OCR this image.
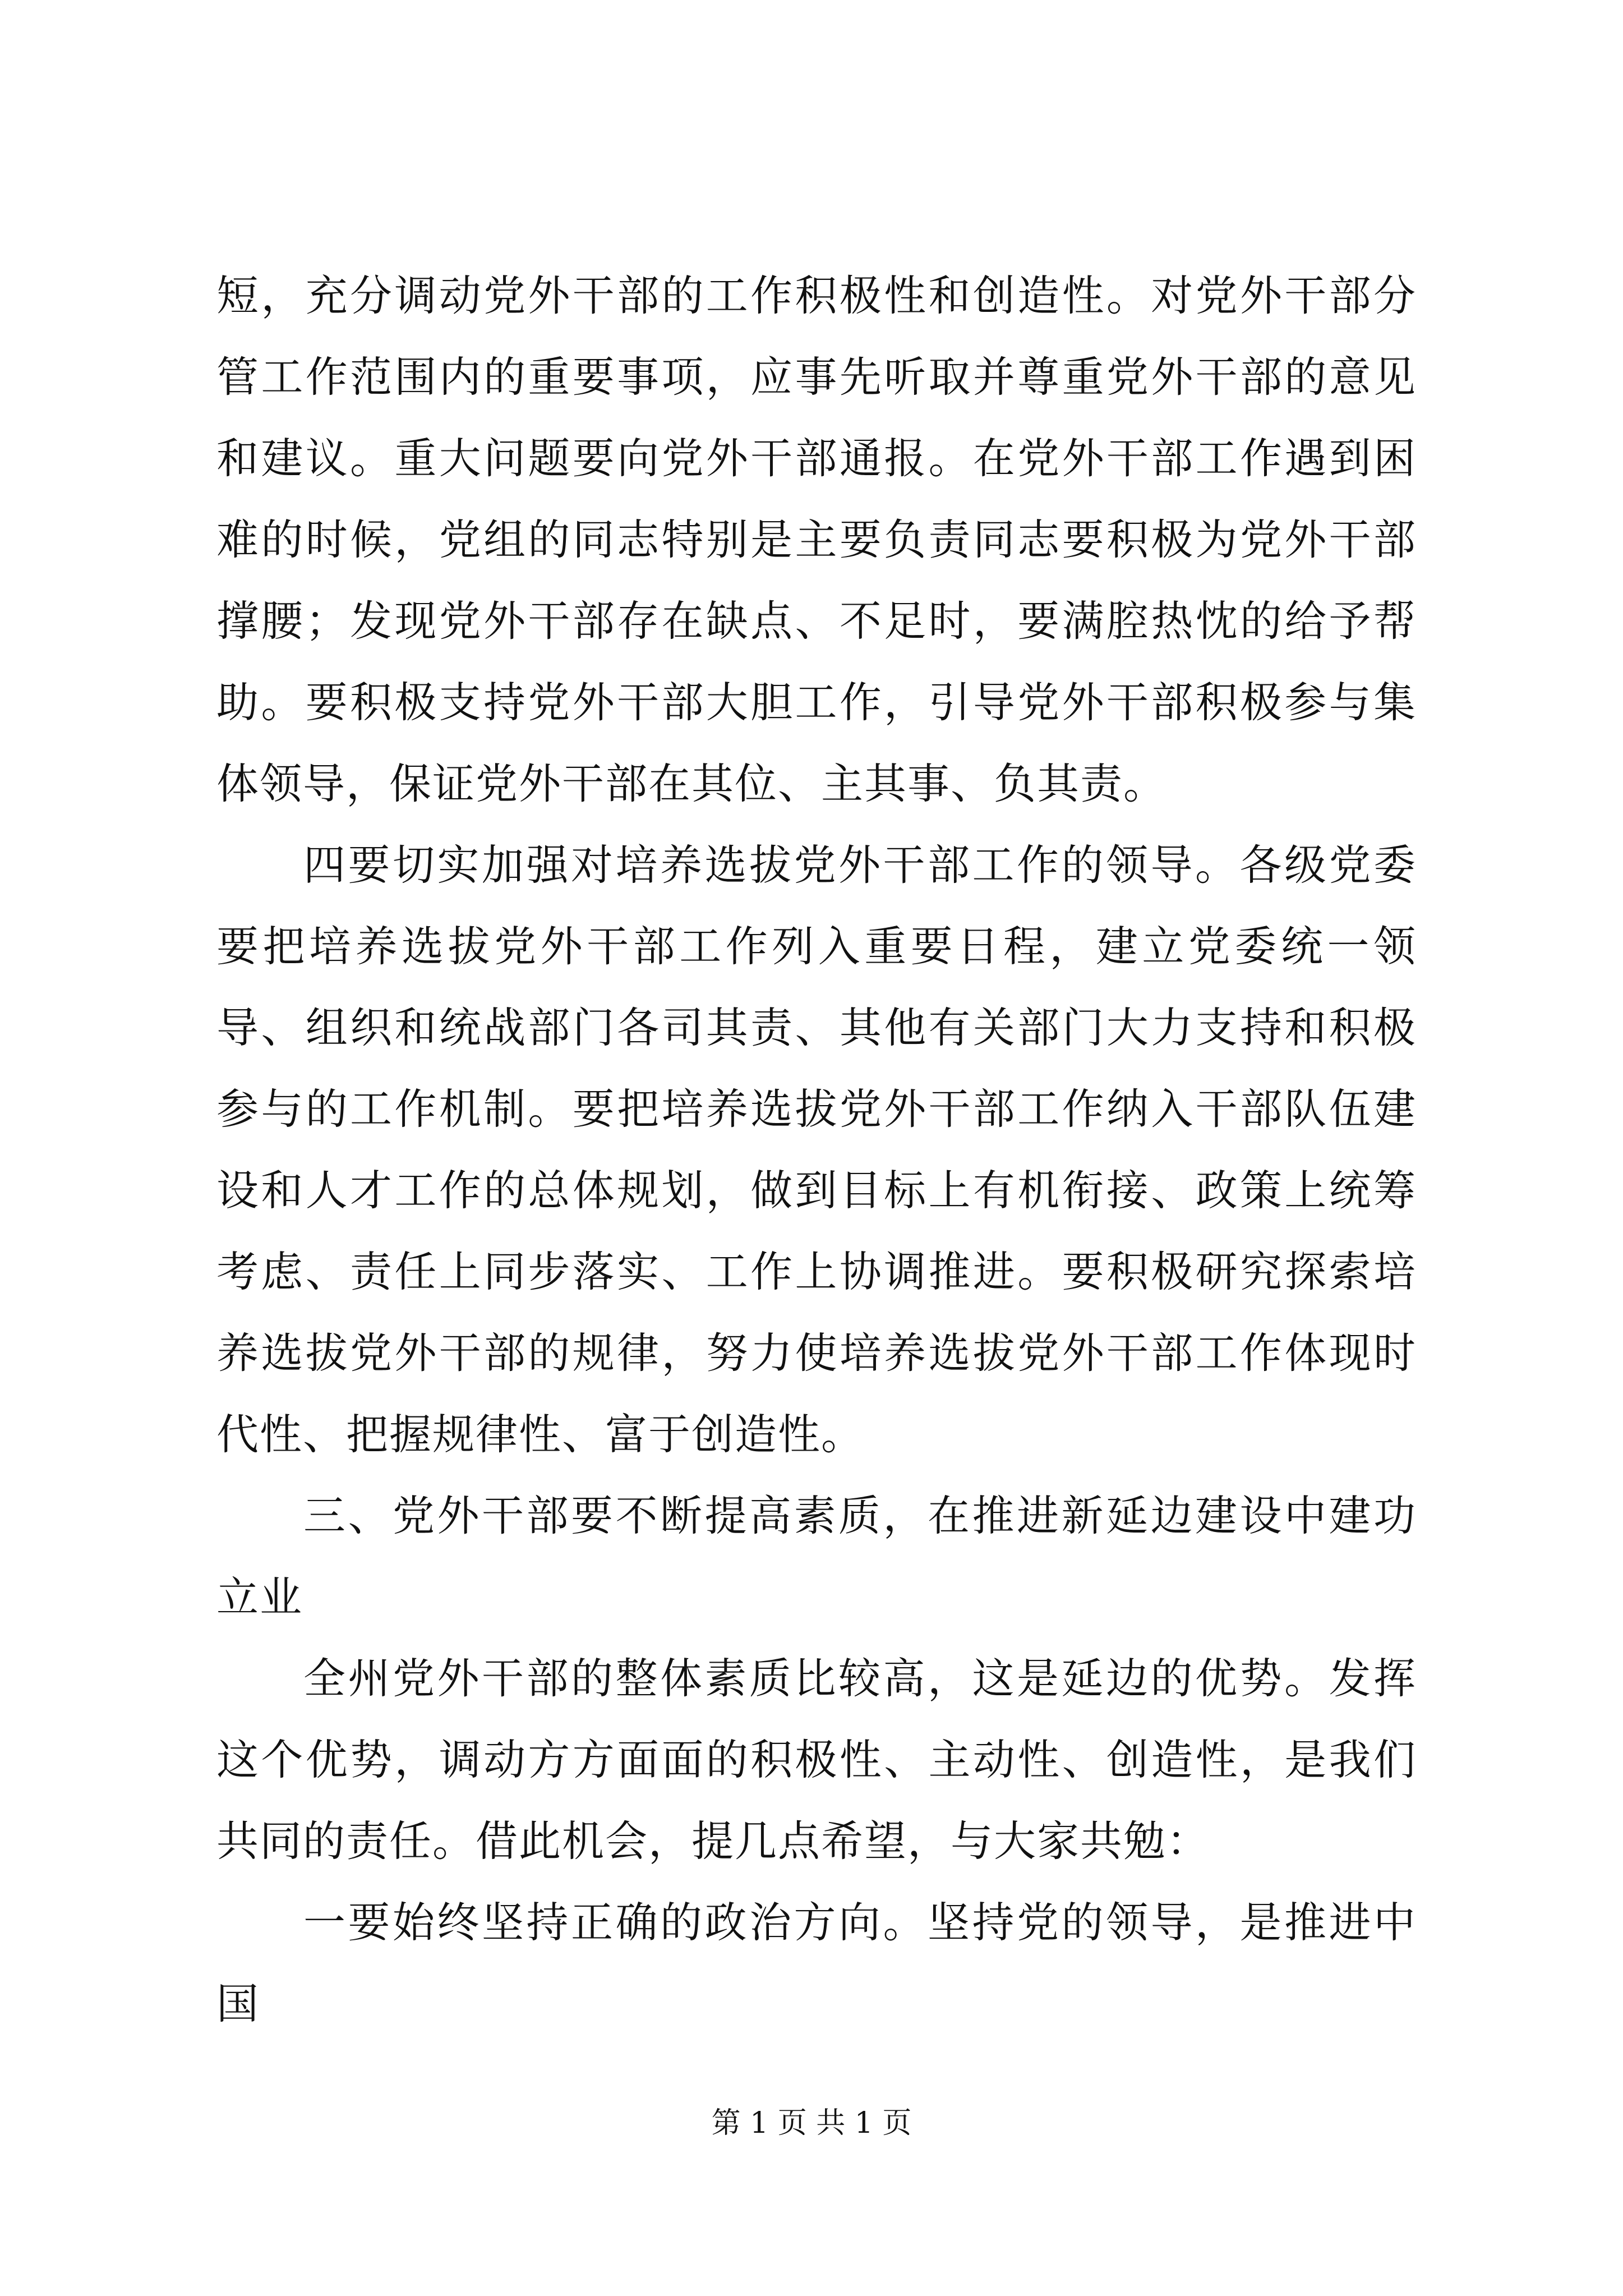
短，充分调动党外干部的工作积极性和创造性。对党外干部分管工作范围内的重要事项，应事先听取并尊重党外干部的意见和建议。重大问题要向党外干部通报。在党外干部工作遇到困难的时候，党组的同志特别是主要负责同志要积极为党外干部撑腰；发现党外干部存在缺点、不足时，要满腔热忱的给予帮助。要积极支持党外干部大胆工作，引导党外干部积极参与集体领导，保证党外干部在其位、主其事、负其责。

四要切实加强对培养选拔党外干部工作的领导。各级党委要把培养选拔党外干部工作列入重要日程，建立党委统一领导、组织和统战部门各司其责、其他有关部门大力支持和积极参与的工作机制。要把培养选拔党外干部工作纳入干部队伍建设和人才工作的总体规划，做到目标上有机衔接、政策上统筹考虑、责任上同步落实、工作上协调推进。要积极研究探索培养选拔党外干部的规律，努力使培养选拔党外干部工作体现时代性、把握规律性、富于创造性。

三、党外干部要不断提高素质，在推进新延边建设中建功立业

全州党外干部的整体素质比较高，这是延边的优势。发挥这个优势，调动方方面面的积极性、主动性、创造性，是我们共同的责任。借此机会，提几点希望，与大家共勉：

一要始终坚持正确的政治方向。坚持党的领导，是推进中国

第 1 页 共 1 页
